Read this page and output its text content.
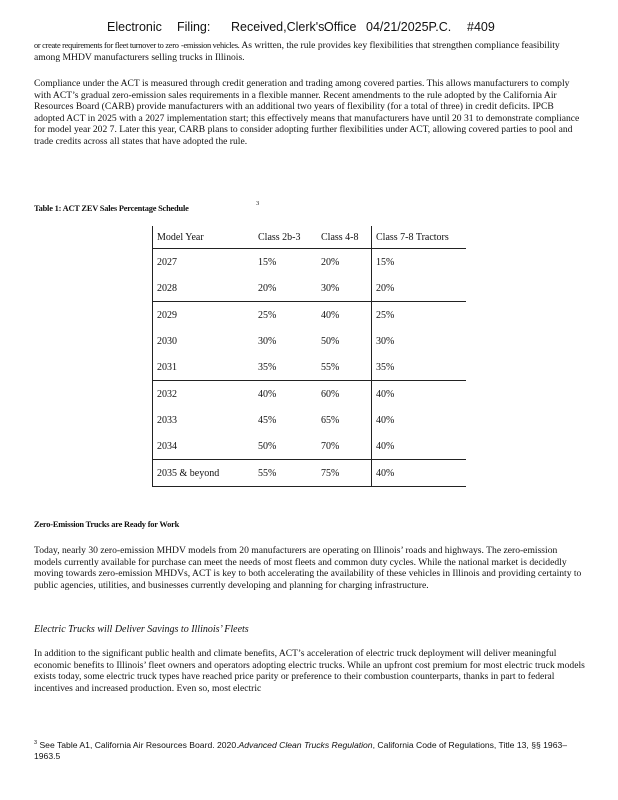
Electronic Filing: Received,Clerk's Office 04/21/2025P.C. #409

or create requirements for fleet turnover to zero -emission vehicles. As written, the rule provides key flexibilities that strengthen compliance feasibility among MHDV manufacturers selling trucks in Illinois.

Compliance under the ACT is measured through credit generation and trading among covered parties. This allows manufacturers to comply with ACT’s gradual zero-emission sales requirements in a flexible manner. Recent amendments to the rule adopted by the California Air Resources Board (CARB) provide manufacturers with an additional two years of flexibility (for a total of three) in credit deficits. IPCB adopted ACT in 2025 with a 2027 implementation start; this effectively means that manufacturers have until 20 31 to demonstrate compliance for model year 202 7. Later this year, CARB plans to consider adopting further flexibilities under ACT, allowing covered parties to pool and trade credits across all states that have adopted the rule.

Table 1: ACT ZEV Sales Percentage Schedule
3
Model Year	Class 2b-3	Class 4-8	Class 7-8 Tractors
2027	15%	20%	15%
2028	20%	30%	20%
2029	25%	40%	25%
2030	30%	50%	30%
2031	35%	55%	35%
2032	40%	60%	40%
2033	45%	65%	40%
2034	50%	70%	40%
2035 & beyond	55%	75%	40%
Zero-Emission Trucks are Ready for Work

Today, nearly 30 zero-emission MHDV models from 20 manufacturers are operating on Illinois’ roads and highways. The zero-emission models currently available for purchase can meet the needs of most fleets and common duty cycles. While the national market is decidedly moving towards zero-emission MHDVs, ACT is key to both accelerating the availability of these vehicles in Illinois and providing certainty to public agencies, utilities, and businesses currently developing and planning for charging infrastructure.

Electric Trucks will Deliver Savings to Illinois’ Fleets

In addition to the significant public health and climate benefits, ACT’s acceleration of electric truck deployment will deliver meaningful economic benefits to Illinois’ fleet owners and operators adopting electric trucks. While an upfront cost premium for most electric truck models exists today, some electric truck types have reached price parity or preference to their combustion counterparts, thanks in part to federal incentives and increased production. Even so, most electric

$^3$ See Table A1, California Air Resources Board. 2020.Advanced Clean Trucks Regulation, California Code of Regulations, Title 13, §§ 1963–1963.5
